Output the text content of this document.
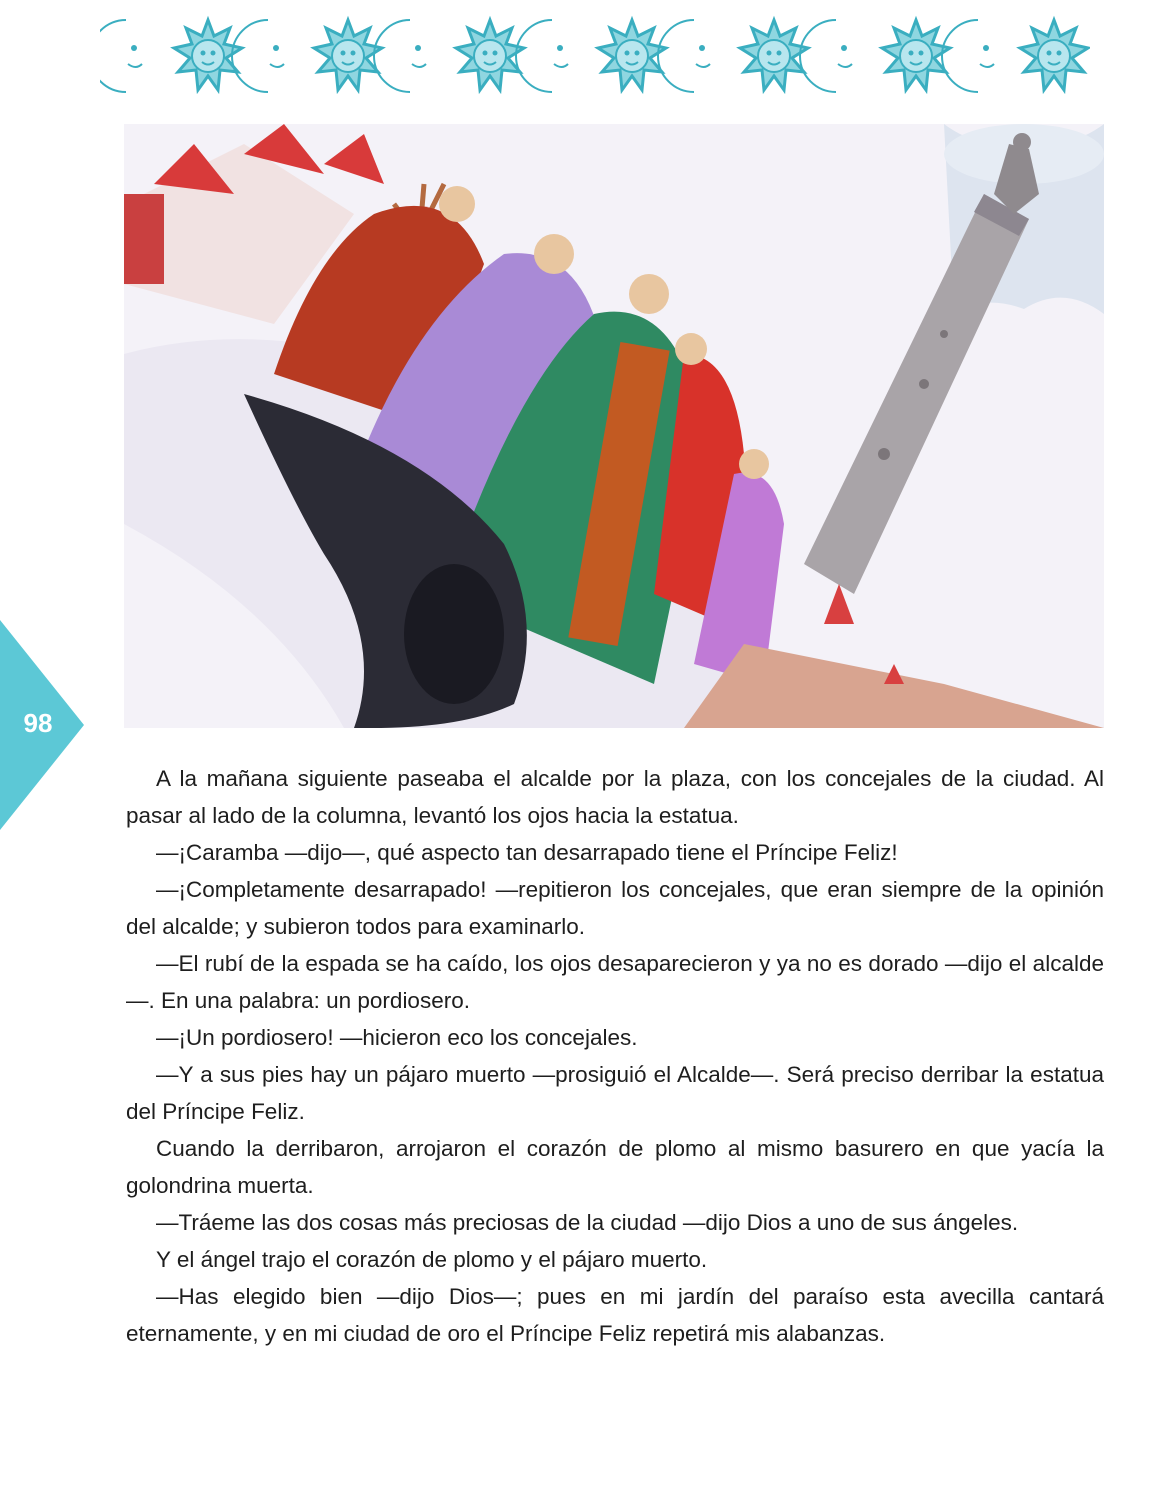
98

A la mañana siguiente paseaba el alcalde por la plaza, con los concejales de la ciudad. Al pasar al lado de la columna, levantó los ojos hacia la estatua.

—¡Caramba —dijo—, qué aspecto tan desarrapado tiene el Príncipe Feliz!

—¡Completamente desarrapado! —repitieron los concejales, que eran siempre de la opinión del alcalde; y subieron todos para examinarlo.

—El rubí de la espada se ha caído, los ojos desaparecieron y ya no es dorado —dijo el alcalde—. En una palabra: un pordiosero.

—¡Un pordiosero! —hicieron eco los concejales.

—Y a sus pies hay un pájaro muerto —prosiguió el Alcalde—. Será preciso derribar la estatua del Príncipe Feliz.

Cuando la derribaron, arrojaron el corazón de plomo al mismo basurero en que yacía la golondrina muerta.

—Tráeme las dos cosas más preciosas de la ciudad —dijo Dios a uno de sus ángeles.

Y el ángel trajo el corazón de plomo y el pájaro muerto.

—Has elegido bien —dijo Dios—; pues en mi jardín del paraíso esta avecilla cantará eternamente, y en mi ciudad de oro el Príncipe Feliz repetirá mis alabanzas.
